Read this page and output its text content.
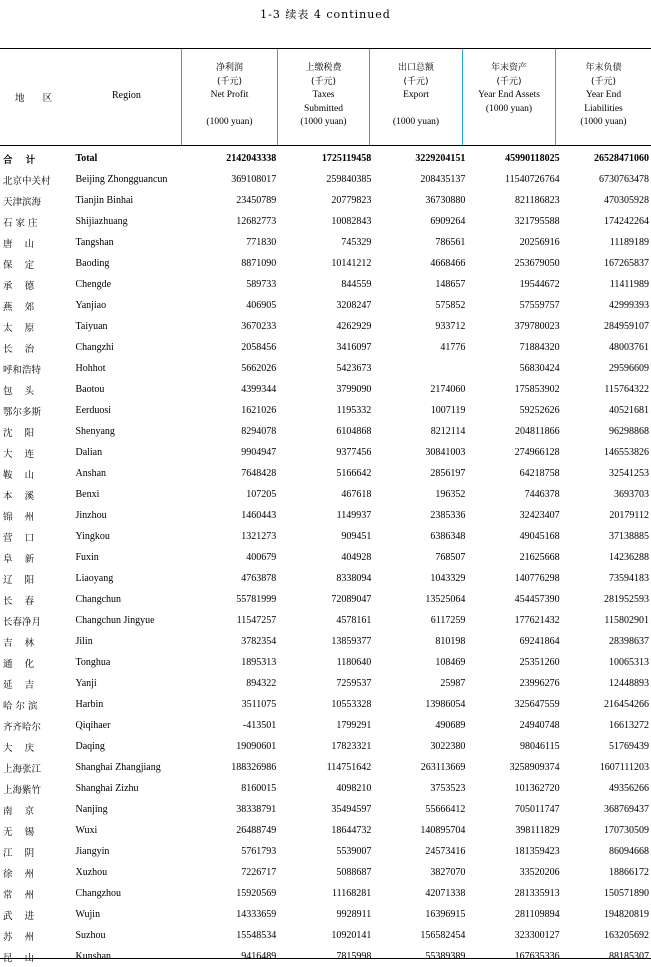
1-3 续表 4 continued
地      区	Region
净利润
(千元)
Net Profit
(1000 yuan)
上缴税费
(千元)
Taxes Submitted
(1000 yuan)
出口总额
(千元)
Export
(1000 yuan)
年末资产
(千元)
Year End Assets
(1000 yuan)
年末负债
(千元)
Year End Liabilities
(1000 yuan)
合    计	Total	2142043338	1725119458	3229204151	45990118025	26528471060
北京中关村	Beijing Zhongguancun	369108017	259840385	208435137	11540726764	6730763478
天津滨海	Tianjin Binhai	23450789	20779823	36730880	821186823	470305928
石 家 庄	Shijiazhuang	12682773	10082843	6909264	321795588	174242264
唐    山	Tangshan	771830	745329	786561	20256916	11189189
保    定	Baoding	8871090	10141212	4668466	253679050	167265837
承    德	Chengde	589733	844559	148657	19544672	11411989
燕    郊	Yanjiao	406905	3208247	575852	57559757	42999393
太    原	Taiyuan	3670233	4262929	933712	379780023	284959107
长    治	Changzhi	2058456	3416097	41776	71884320	48003761
呼和浩特	Hohhot	5662026	5423673		56830424	29596609
包    头	Baotou	4399344	3799090	2174060	175853902	115764322
鄂尔多斯	Eerduosi	1621026	1195332	1007119	59252626	40521681
沈    阳	Shenyang	8294078	6104868	8212114	204811866	96298868
大    连	Dalian	9904947	9377456	30841003	274966128	146553826
鞍    山	Anshan	7648428	5166642	2856197	64218758	32541253
本    溪	Benxi	107205	467618	196352	7446378	3693703
锦    州	Jinzhou	1460443	1149937	2385336	32423407	20179112
营    口	Yingkou	1321273	909451	6386348	49045168	37138885
阜    新	Fuxin	400679	404928	768507	21625668	14236288
辽    阳	Liaoyang	4763878	8338094	1043329	140776298	73594183
长    春	Changchun	55781999	72089047	13525064	454457390	281952593
长春净月	Changchun Jingyue	11547257	4578161	6117259	177621432	115802901
吉    林	Jilin	3782354	13859377	810198	69241864	28398637
通    化	Tonghua	1895313	1180640	108469	25351260	10065313
延    吉	Yanji	894322	7259537	25987	23996276	12448893
哈 尔 滨	Harbin	3511075	10553328	13986054	325647559	216454266
齐齐哈尔	Qiqihaer	-413501	1799291	490689	24940748	16613272
大    庆	Daqing	19090601	17823321	3022380	98046115	51769439
上海张江	Shanghai Zhangjiang	188326986	114751642	263113669	3258909374	1607111203
上海紫竹	Shanghai Zizhu	8160015	4098210	3753523	101362720	49356266
南    京	Nanjing	38338791	35494597	55666412	705011747	368769437
无    锡	Wuxi	26488749	18644732	140895704	398111829	170730509
江    阴	Jiangyin	5761793	5539007	24573416	181359423	86094668
徐    州	Xuzhou	7226717	5088687	3827070	33520206	18866172
常    州	Changzhou	15920569	11168281	42071338	281335913	150571890
武    进	Wujin	14333659	9928911	16396915	281109894	194820819
苏    州	Suzhou	15548534	10920141	156582454	323300127	163205692
昆    山	Kunshan	9416489	7815998	55389389	167635336	88185307
